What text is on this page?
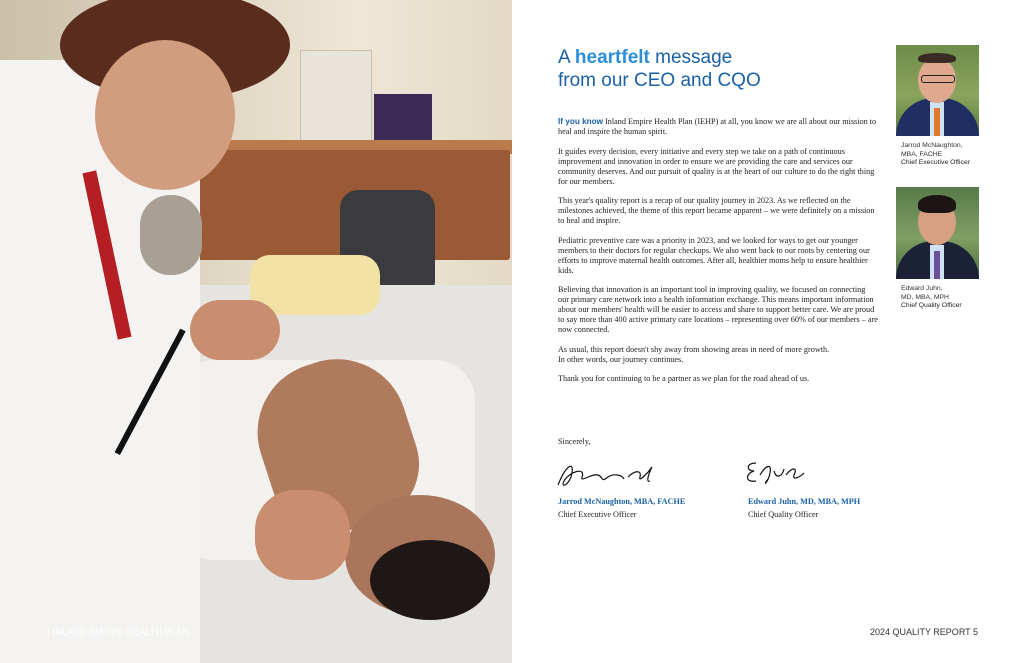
4 INLAND EMPIRE HEALTH PLAN
A heartfelt message
from our CEO and CQO

If you know Inland Empire Health Plan (IEHP) at all, you know we are all about our mission to heal and inspire the human spirit.

It guides every decision, every initiative and every step we take on a path of continuous improvement and innovation in order to ensure we are providing the care and services our community deserves. And our pursuit of quality is at the heart of our culture to do the right thing for our members.

This year's quality report is a recap of our quality journey in 2023. As we reflected on the milestones achieved, the theme of this report became apparent – we were definitely on a mission to heal and inspire.

Pediatric preventive care was a priority in 2023, and we looked for ways to get our younger members to their doctors for regular checkups. We also went back to our roots by centering our efforts to improve maternal health outcomes. After all, healthier moms help to ensure healthier kids.

Believing that innovation is an important tool in improving quality, we focused on connecting our primary care network into a health information exchange. This means important information about our members' health will be easier to access and share to support better care. We are proud to say more than 400 active primary care locations – representing over 60% of our members – are now connected.

As usual, this report doesn't shy away from showing areas in need of more growth.
In other words, our journey continues.

Thank you for continuing to be a partner as we plan for the road ahead of us.

Sincerely,
Jarrod McNaughton, MBA, FACHE
Chief Executive Officer
Edward Juhn, MD, MBA, MPH
Chief Quality Officer
Jarrod McNaughton,
MBA, FACHE
Chief Executive Officer
Edward Juhn,
MD, MBA, MPH
Chief Quality Officer
2024 QUALITY REPORT 5
